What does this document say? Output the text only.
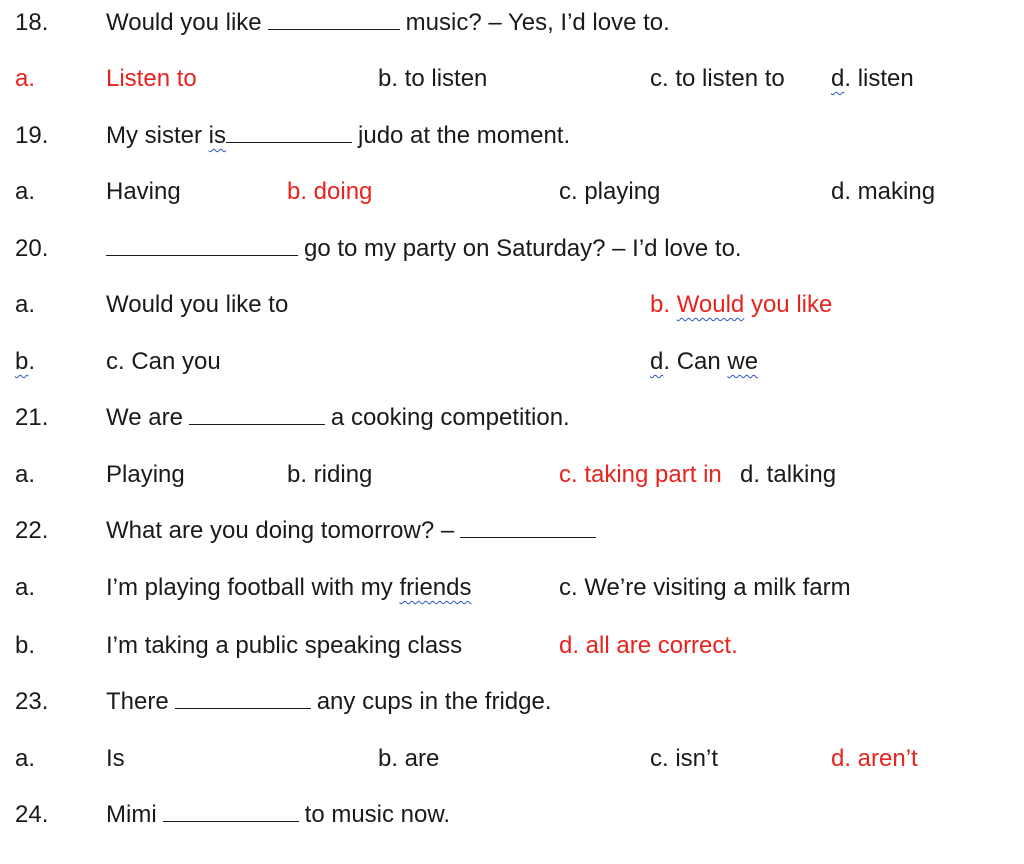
18. Would you like	music? – Yes, I’d love to.
a.	Listen to	b. to listen	c. to listen to d. listen
19. My sister is	judo at the moment.
a.	Having	b. doing	c. playing	d. making
20.	go to my party on Saturday? – I’d love to.
a.	Would you like to	b. Would you like
b.	c. Can you	d. Can we
21. We are	a cooking competition.
a.	Playing	b. riding	c. taking part in d. talking
22. What are you doing tomorrow? –
a.	I’m playing football with my friends	c. We’re visiting a milk farm
b.	I’m taking a public speaking class	d. all are correct.
23. There	any cups in the fridge.
a.	Is	b. are	c. isn’t	d. aren’t
24. Mimi	to music now.
